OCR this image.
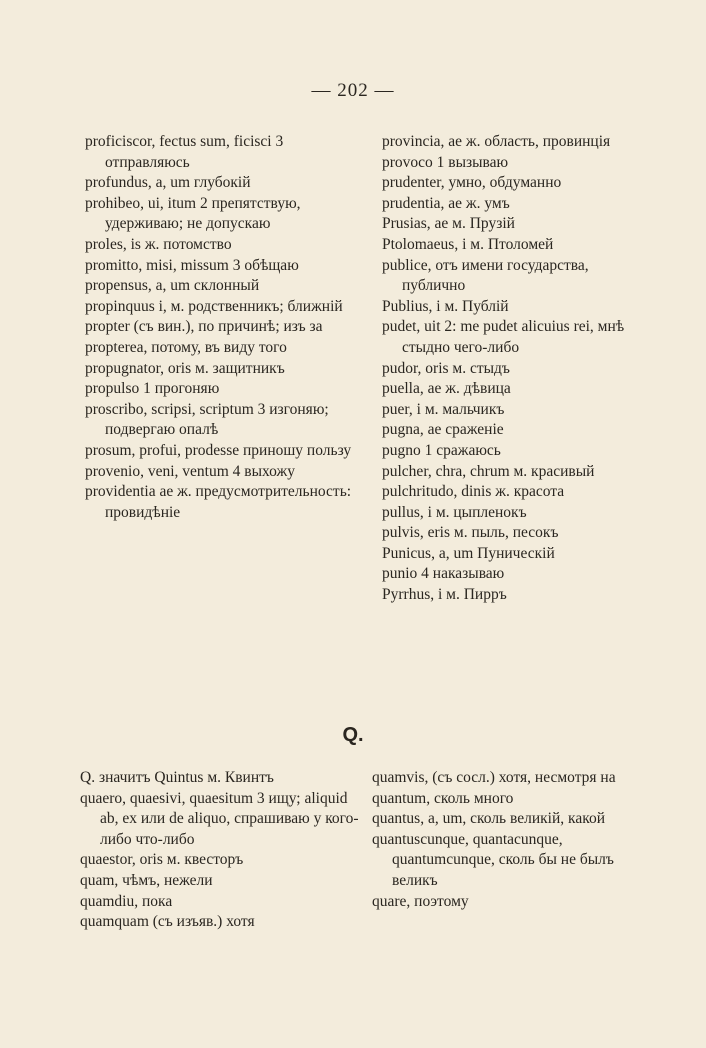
— 202 —

proficiscor, fectus sum, ficisci 3 отправляюсь

profundus, a, um глубокій

prohibeo, ui, itum 2 препятствую, удерживаю; не допускаю

proles, is ж. потомство

promitto, misi, missum 3 обѣщаю

propensus, a, um склонный

propinquus i, м. родственникъ; ближній

propter (съ вин.), по причинѣ; изъ за

propterea, потому, въ виду того

propugnator, oris м. защитникъ

propulso 1 прогоняю

proscribo, scripsi, scriptum 3 изгоняю; подвергаю опалѣ

prosum, profui, prodesse приношу пользу

provenio, veni, ventum 4 выхожу

providentia ae ж. предусмотрительность: провидѣніе

provincia, ae ж. область, провинція

provoco 1 вызываю

prudenter, умно, обдуманно

prudentia, ae ж. умъ

Prusias, ae м. Прузій

Ptolomaeus, i м. Птоломей

publice, отъ имени государства, публично

Publius, i м. Публій

pudet, uit 2: me pudet alicuius rei, мнѣ стыдно чего-либо

pudor, oris м. стыдъ

puella, ae ж. дѣвица

puer, i м. мальчикъ

pugna, ae сраженіе

pugno 1 сражаюсь

pulcher, chra, chrum м. красивый

pulchritudo, dinis ж. красота

pullus, i м. цыпленокъ

pulvis, eris м. пыль, песокъ

Punicus, a, um Пуническій

punio 4 наказываю

Pyrrhus, i м. Пирръ

Q.

Q. значитъ Quintus м. Квинтъ

quaero, quaesivi, quaesitum 3 ищу; aliquid ab, ex или de aliquo, спрашиваю у кого-либо что-либо

quaestor, oris м. квесторъ

quam, чѣмъ, нежели

quamdiu, пока

quamquam (съ изъяв.) хотя

quamvis, (съ сосл.) хотя, несмотря на

quantum, сколь много

quantus, a, um, сколь великій, какой

quantuscunque, quantacunque, quantumcunque, сколь бы не былъ великъ

quare, поэтому
